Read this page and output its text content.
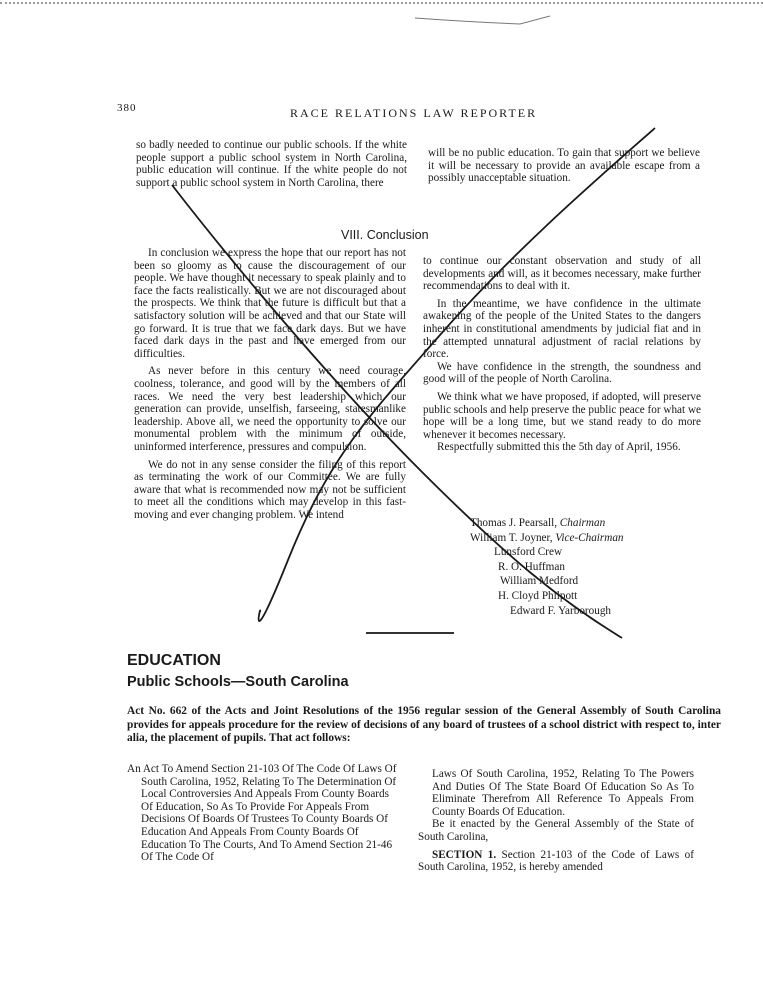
380	RACE RELATIONS LAW REPORTER

so badly needed to continue our public schools. If the white people support a public school system in North Carolina, public education will continue. If the white people do not support a public school system in North Carolina, there

will be no public education. To gain that support we believe it will be necessary to provide an available escape from a possibly unacceptable situation.

VIII. Conclusion

In conclusion we express the hope that our report has not been so gloomy as to cause the discouragement of our people. We have thought it necessary to speak plainly and to face the facts realistically. But we are not discouraged about the prospects. We think that the future is difficult but that a satisfactory solution will be achieved and that our State will go forward. It is true that we face dark days. But we have faced dark days in the past and have emerged from our difficulties.

As never before in this century we need courage, coolness, tolerance, and good will by the members of all races. We need the very best leadership which our generation can provide, unselfish, farseeing, statesmanlike leadership. Above all, we need the opportunity to solve our monumental problem with the minimum of outside, uninformed interference, pressures and compulsion.

We do not in any sense consider the filing of this report as terminating the work of our Committee. We are fully aware that what is recommended now may not be sufficient to meet all the conditions which may develop in this fast-moving and ever changing problem. We intend

to continue our constant observation and study of all developments and will, as it becomes necessary, make further recommendations to deal with it.

In the meantime, we have confidence in the ultimate awakening of the people of the United States to the dangers inherent in constitutional amendments by judicial fiat and in the attempted unnatural adjustment of racial relations by force.

We have confidence in the strength, the soundness and good will of the people of North Carolina.

We think what we have proposed, if adopted, will preserve public schools and help preserve the public peace for what we hope will be a long time, but we stand ready to do more whenever it becomes necessary.

Respectfully submitted this the 5th day of April, 1956.

Thomas J. Pearsall, Chairman
William T. Joyner, Vice-Chairman
Lunsford Crew
R. O. Huffman
William Medford
H. Cloyd Philpott
Edward F. Yarborough
EDUCATION
Public Schools—South Carolina
Act No. 662 of the Acts and Joint Resolutions of the 1956 regular session of the General Assembly of South Carolina provides for appeals procedure for the review of decisions of any board of trustees of a school district with respect to, inter alia, the placement of pupils. That act follows:

An Act To Amend Section 21-103 Of The Code Of Laws Of South Carolina, 1952, Relating To The Determination Of Local Controversies And Appeals From County Boards Of Education, So As To Provide For Appeals From Decisions Of Boards Of Trustees To County Boards Of Education And Appeals From County Boards Of Education To The Courts, And To Amend Section 21-46 Of The Code Of

Laws Of South Carolina, 1952, Relating To The Powers And Duties Of The State Board Of Education So As To Eliminate Therefrom All Reference To Appeals From County Boards Of Education.

Be it enacted by the General Assembly of the State of South Carolina,

SECTION 1. Section 21-103 of the Code of Laws of South Carolina, 1952, is hereby amended
